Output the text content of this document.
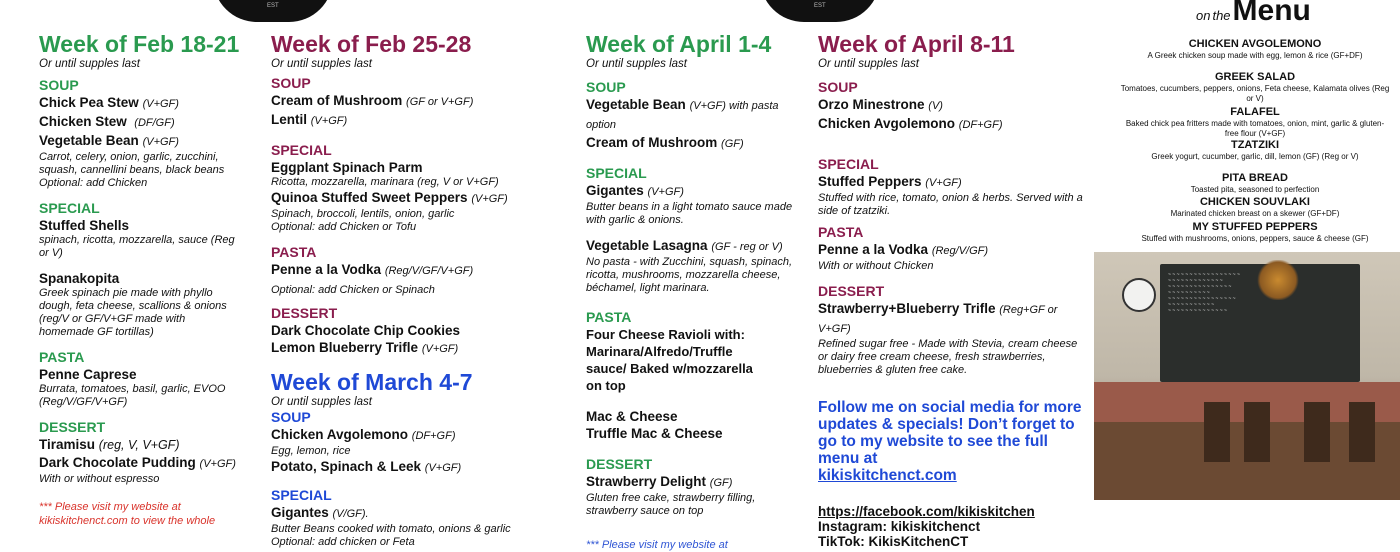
EST	EST
Week of Feb 18-21
Or until supples last
SOUP
Chick Pea Stew (V+GF)
Chicken Stew (DF/GF)
Vegetable Bean (V+GF)
Carrot, celery, onion, garlic, zucchini, squash, cannellini beans, black beans
Optional: add Chicken
SPECIAL
Stuffed Shells
spinach, ricotta, mozzarella, sauce (Reg or V)
Spanakopita
Greek spinach pie made with phyllo dough, feta cheese, scallions & onions (reg/V or GF/V+GF made with homemade GF tortillas)
PASTA
Penne Caprese
Burrata, tomatoes, basil, garlic, EVOO (Reg/V/GF/V+GF)
DESSERT
Tiramisu (reg, V, V+GF)
Dark Chocolate Pudding (V+GF)
With or without espresso
*** Please visit my website at kikiskitchenct.com to view the whole
Week of Feb 25-28
Or until supples last
SOUP
Cream of Mushroom (GF or V+GF)
Lentil (V+GF)
SPECIAL
Eggplant Spinach Parm
Ricotta, mozzarella, marinara (reg, V or V+GF)
Quinoa Stuffed Sweet Peppers (V+GF)
Spinach, broccoli, lentils, onion, garlic
Optional: add Chicken or Tofu
PASTA
Penne a la Vodka (Reg/V/GF/V+GF) Optional: add Chicken or Spinach
DESSERT
Dark Chocolate Chip Cookies
Lemon Blueberry Trifle (V+GF)
Week of March 4-7
Or until supples last
SOUP
Chicken Avgolemono (DF+GF)
Egg, lemon, rice
Potato, Spinach & Leek (V+GF)
SPECIAL
Gigantes (V/GF).
Butter Beans cooked with tomato, onions & garlic
Optional: add chicken or Feta
Week of April 1-4
Or until supples last
SOUP
Vegetable Bean (V+GF) with pasta option
Cream of Mushroom (GF)
SPECIAL
Gigantes (V+GF)
Butter beans in a light tomato sauce made with garlic & onions.
Vegetable Lasagna (GF - reg or V)
No pasta - with Zucchini, squash, spinach, ricotta, mushrooms, mozzarella cheese, béchamel, light marinara.
PASTA
Four Cheese Ravioli with: Marinara/Alfredo/Truffle sauce/ Baked w/mozzarella on top
Mac & Cheese
Truffle Mac & Cheese
DESSERT
Strawberry Delight (GF)
Gluten free cake, strawberry filling, strawberry sauce on top
*** Please visit my website at
Week of April 8-11
Or until supples last
SOUP
Orzo Minestrone (V)
Chicken Avgolemono (DF+GF)
SPECIAL
Stuffed Peppers (V+GF)
Stuffed with rice, tomato, onion & herbs. Served with a side of tzatziki.
PASTA
Penne a la Vodka (Reg/V/GF)
With or without Chicken
DESSERT
Strawberry+Blueberry Trifle (Reg+GF or V+GF)
Refined sugar free - Made with Stevia, cream cheese or dairy free cream cheese, fresh strawberries, blueberries & gluten free cake.
Follow me on social media for more updates & specials! Don’t forget to go to my website to see the full menu at
kikiskitchenct.com
https://facebook.com/kikiskitchen
Instagram: kikiskitchenct
TikTok: KikisKitchenCT
on theMenu
CHICKEN AVGOLEMONO
A Greek chicken soup made with egg, lemon & rice (GF+DF)
GREEK SALAD
Tomatoes, cucumbers, peppers, onions, Feta cheese, Kalamata olives (Reg or V)
FALAFEL
Baked chick pea fritters made with tomatoes, onion, mint, garlic & gluten-free flour (V+GF)
TZATZIKI
Greek yogurt, cucumber, garlic, dill, lemon (GF) (Reg or V)
PITA BREAD
Toasted pita, seasoned to perfection
CHICKEN SOUVLAKI
Marinated chicken breast on a skewer (GF+DF)
MY STUFFED PEPPERS
Stuffed with mushrooms, onions, peppers, sauce & cheese (GF)
~ ~ ~ ~ ~ ~ ~ ~ ~ ~ ~ ~ ~ ~ ~ ~ ~
~ ~ ~ ~ ~ ~ ~ ~ ~ ~ ~ ~ ~
~ ~ ~ ~ ~ ~ ~ ~ ~ ~ ~ ~ ~ ~ ~
~ ~ ~ ~ ~ ~ ~ ~ ~ ~
~ ~ ~ ~ ~ ~ ~ ~ ~ ~ ~ ~ ~ ~ ~ ~
~ ~ ~ ~ ~ ~ ~ ~ ~ ~ ~
~ ~ ~ ~ ~ ~ ~ ~ ~ ~ ~ ~ ~ ~
